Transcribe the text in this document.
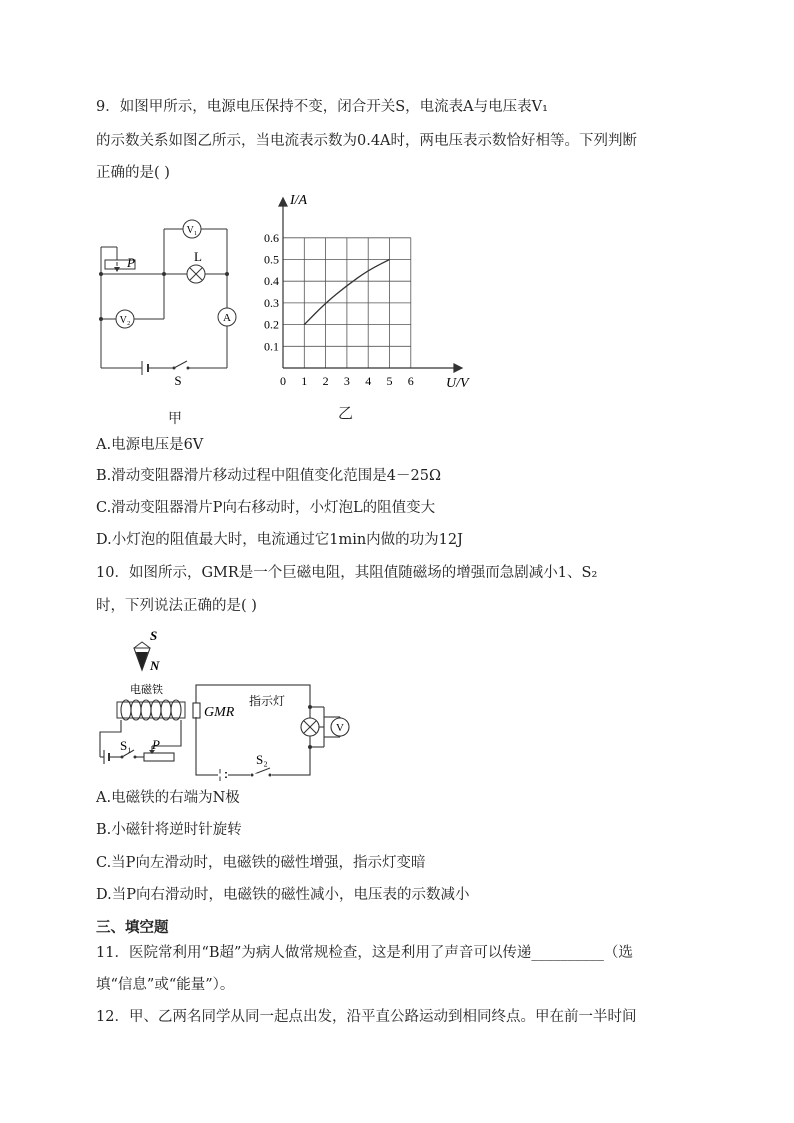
9．如图甲所示，电源电压保持不变，闭合开关S，电流表A与电压表V₁
的示数关系如图乙所示，当电流表示数为0.4A时，两电压表示数恰好相等。下列判断
正确的是( )
V₁
L
P
V₂	A
S
甲
0 1 2 3 4 5 6
0.1
0.2
0.3
0.4
0.5
0.6
I/A
U/V
乙
A.电源电压是6V
B.滑动变阻器滑片移动过程中阻值变化范围是4－25Ω
C.滑动变阻器滑片P向右移动时，小灯泡L的阻值变大
D.小灯泡的阻值最大时，电流通过它1min内做的功为12J
10．如图所示，GMR是一个巨磁电阻，其阻值随磁场的增强而急剧减小1、S₂
时，下列说法正确的是( )
S
N
电磁铁
GMR
指示灯
V
S₁ P
S₂
A.电磁铁的右端为N极
B.小磁针将逆时针旋转
C.当P向左滑动时，电磁铁的磁性增强，指示灯变暗
D.当P向右滑动时，电磁铁的磁性减小，电压表的示数减小
三、填空题
11．医院常利用“B超”为病人做常规检查，这是利用了声音可以传递__________（选
填“信息”或“能量”）。
12．甲、乙两名同学从同一起点出发，沿平直公路运动到相同终点。甲在前一半时间
